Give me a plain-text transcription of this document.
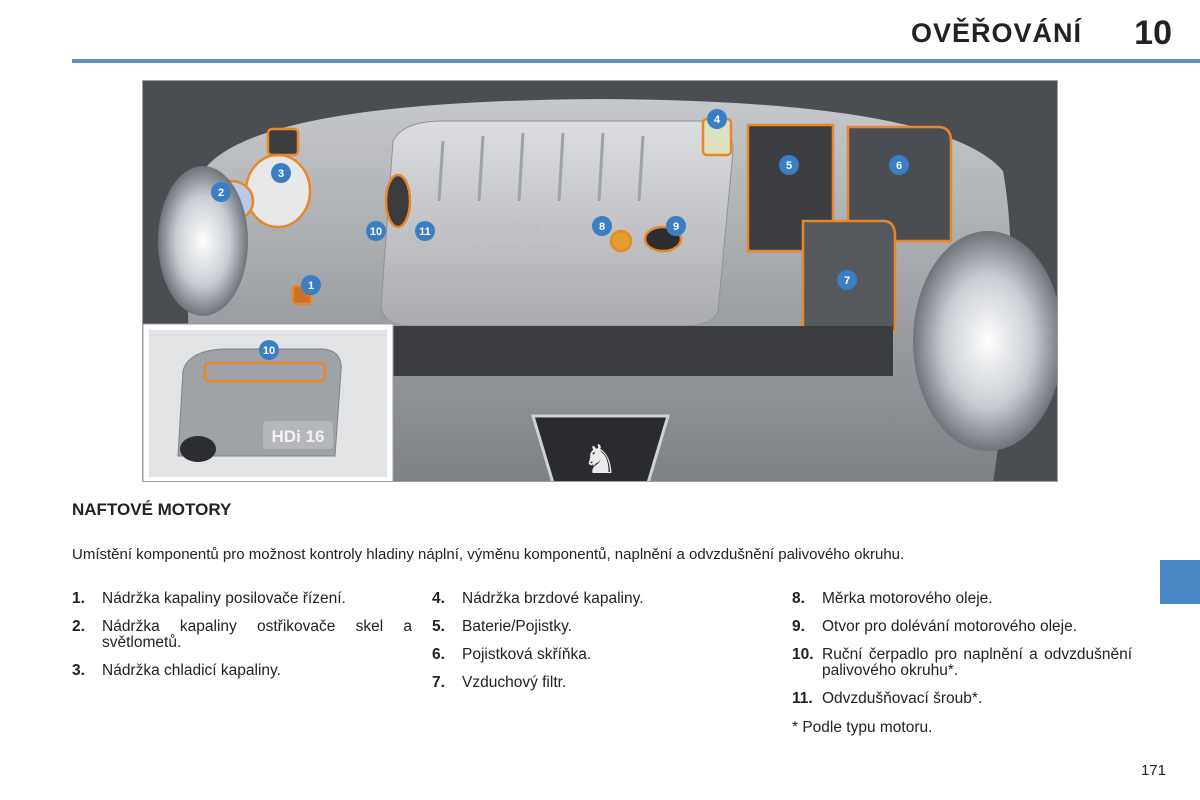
OVĚŘOVÁNÍ 10
HDi 16
♞
HDi 16
1
2
3
4
5	6
7
8	9
10	11
10
NAFTOVÉ MOTORY
Umístění komponentů pro možnost kontroly hladiny náplní, výměnu komponentů, naplnění a odvzdušnění palivového okruhu.
1.	Nádržka kapaliny posilovače řízení.
2.	Nádržka kapaliny ostřikovače skel a světlometů.
3.	Nádržka chladicí kapaliny.
4.	Nádržka brzdové kapaliny.
5.	Baterie/Pojistky.
6.	Pojistková skříňka.
7.	Vzduchový filtr.
8.	Měrka motorového oleje.
9.	Otvor pro dolévání motorového oleje.
10. Ruční čerpadlo pro naplnění a odvzdušnění palivového okruhu*.
11. Odvzdušňovací šroub*.
* Podle typu motoru.
171
